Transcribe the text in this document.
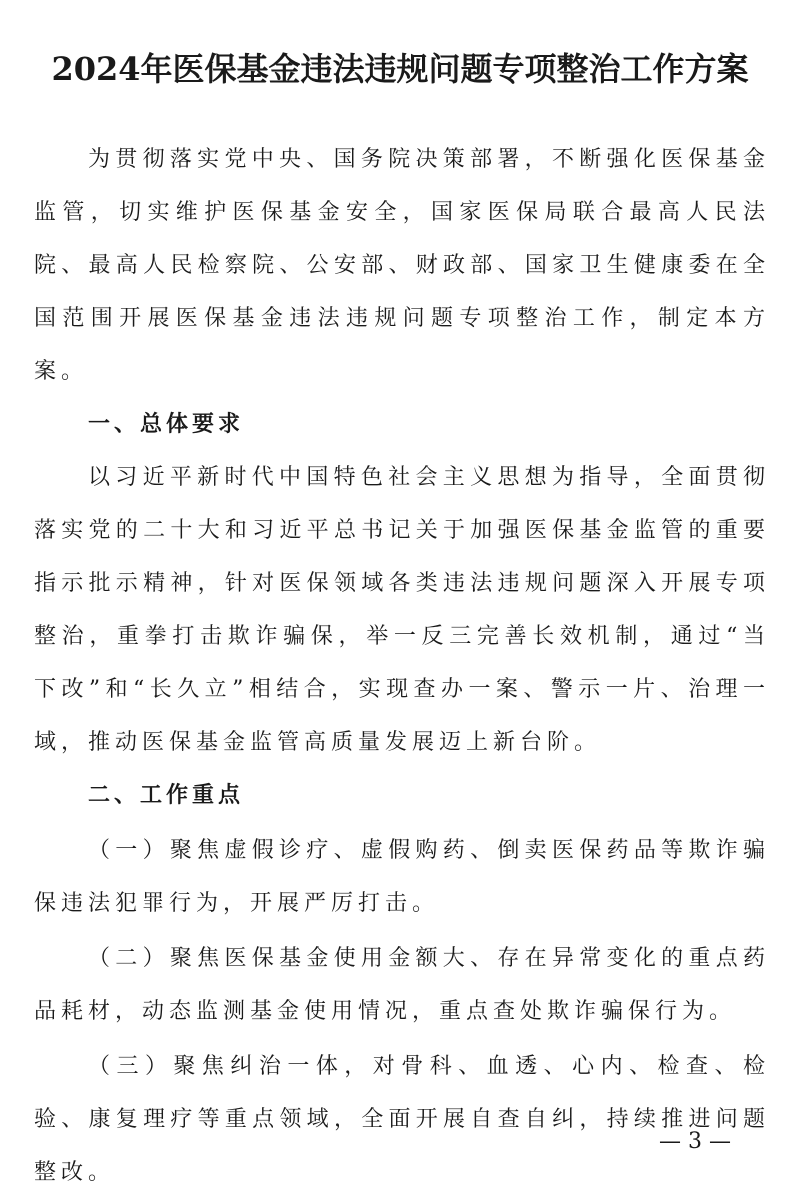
2024年医保基金违法违规问题专项整治工作方案

为贯彻落实党中央、国务院决策部署，不断强化医保基金监管，切实维护医保基金安全，国家医保局联合最高人民法院、最高人民检察院、公安部、财政部、国家卫生健康委在全国范围开展医保基金违法违规问题专项整治工作，制定本方案。

一、总体要求

以习近平新时代中国特色社会主义思想为指导，全面贯彻落实党的二十大和习近平总书记关于加强医保基金监管的重要指示批示精神，针对医保领域各类违法违规问题深入开展专项整治，重拳打击欺诈骗保，举一反三完善长效机制，通过“当下改”和“长久立”相结合，实现查办一案、警示一片、治理一域，推动医保基金监管高质量发展迈上新台阶。

二、工作重点

（一）聚焦虚假诊疗、虚假购药、倒卖医保药品等欺诈骗保违法犯罪行为，开展严厉打击。

（二）聚焦医保基金使用金额大、存在异常变化的重点药品耗材，动态监测基金使用情况，重点查处欺诈骗保行为。

（三）聚焦纠治一体，对骨科、血透、心内、检查、检验、康复理疗等重点领域，全面开展自查自纠，持续推进问题整改。

— 3 —
